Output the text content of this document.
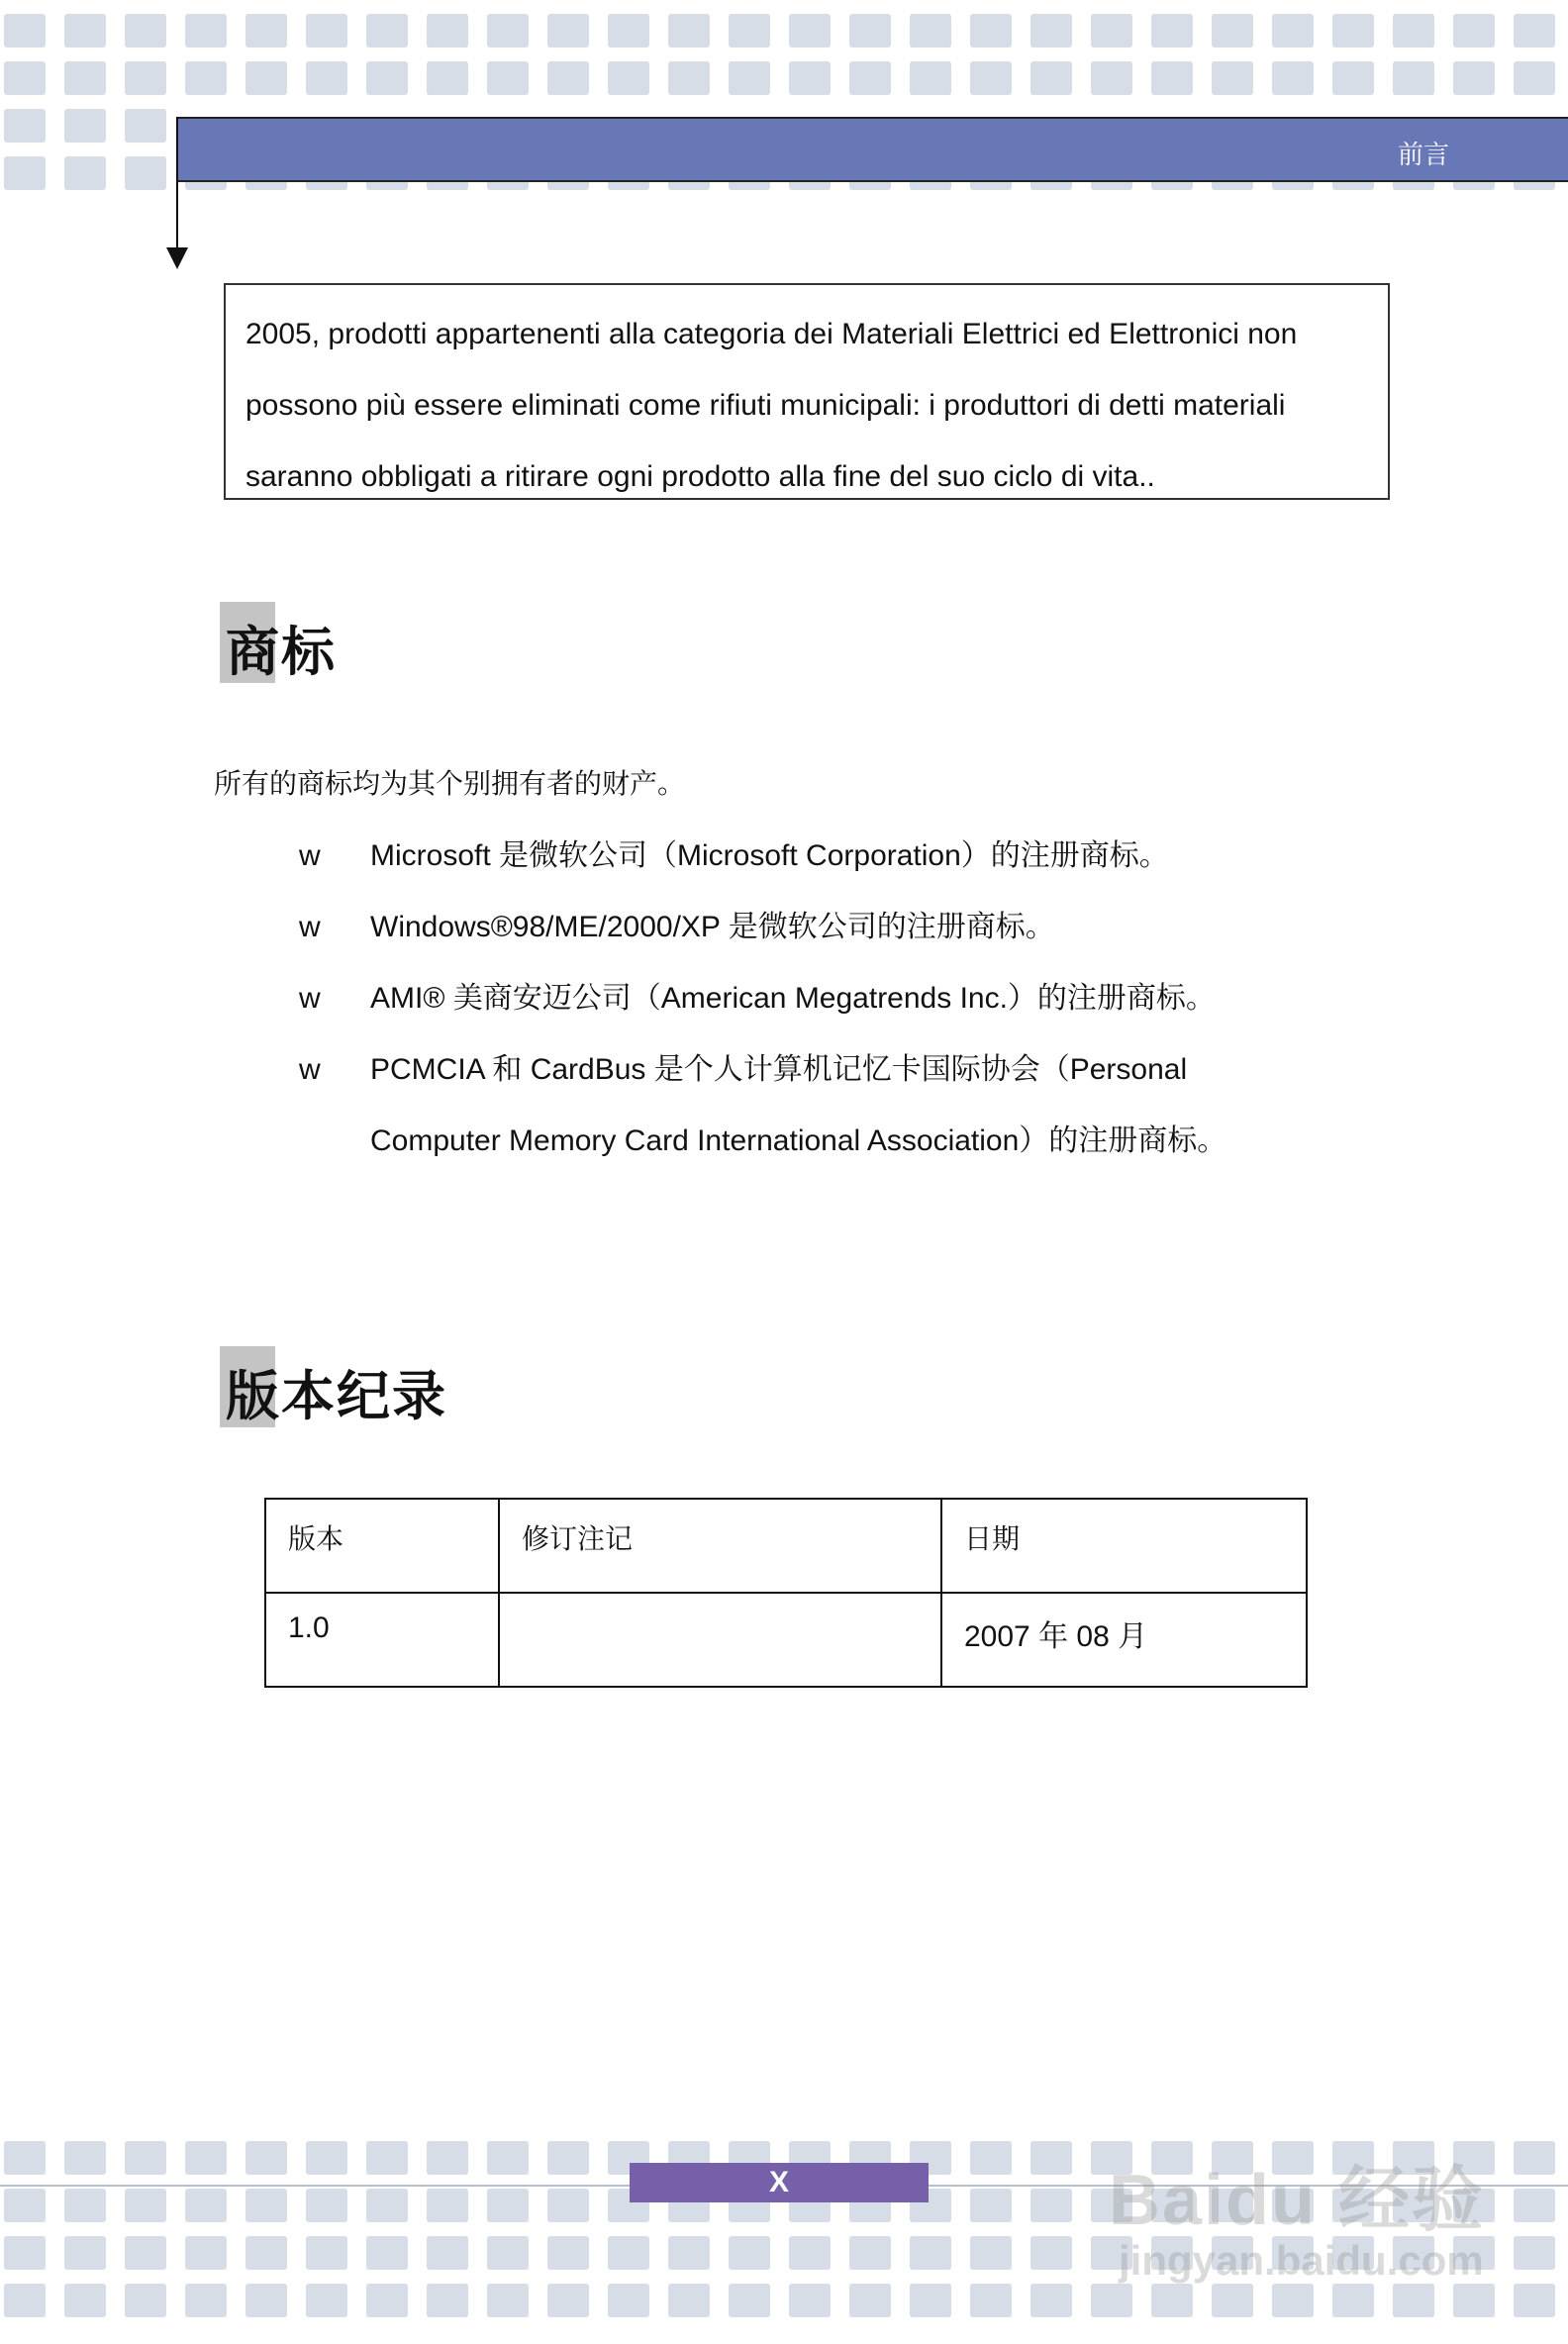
前言
2005, prodotti appartenenti alla categoria dei Materiali Elettrici ed Elettronici non
possono più essere eliminati come rifiuti municipali: i produttori di detti materiali
saranno obbligati a ritirare ogni prodotto alla fine del suo ciclo di vita..
商标
所有的商标均为其个别拥有者的财产。
w	Microsoft 是微软公司（Microsoft Corporation）的注册商标。
w	Windows®98/ME/2000/XP 是微软公司的注册商标。
w	AMI® 美商安迈公司（American Megatrends Inc.）的注册商标。
w	PCMCIA 和 CardBus 是个人计算机记忆卡国际协会（Personal
Computer Memory Card International Association）的注册商标。
版本纪录
版本	修订注记	日期
1.0		2007 年 08 月
X	Baidu 经验
jingyan.baidu.com
